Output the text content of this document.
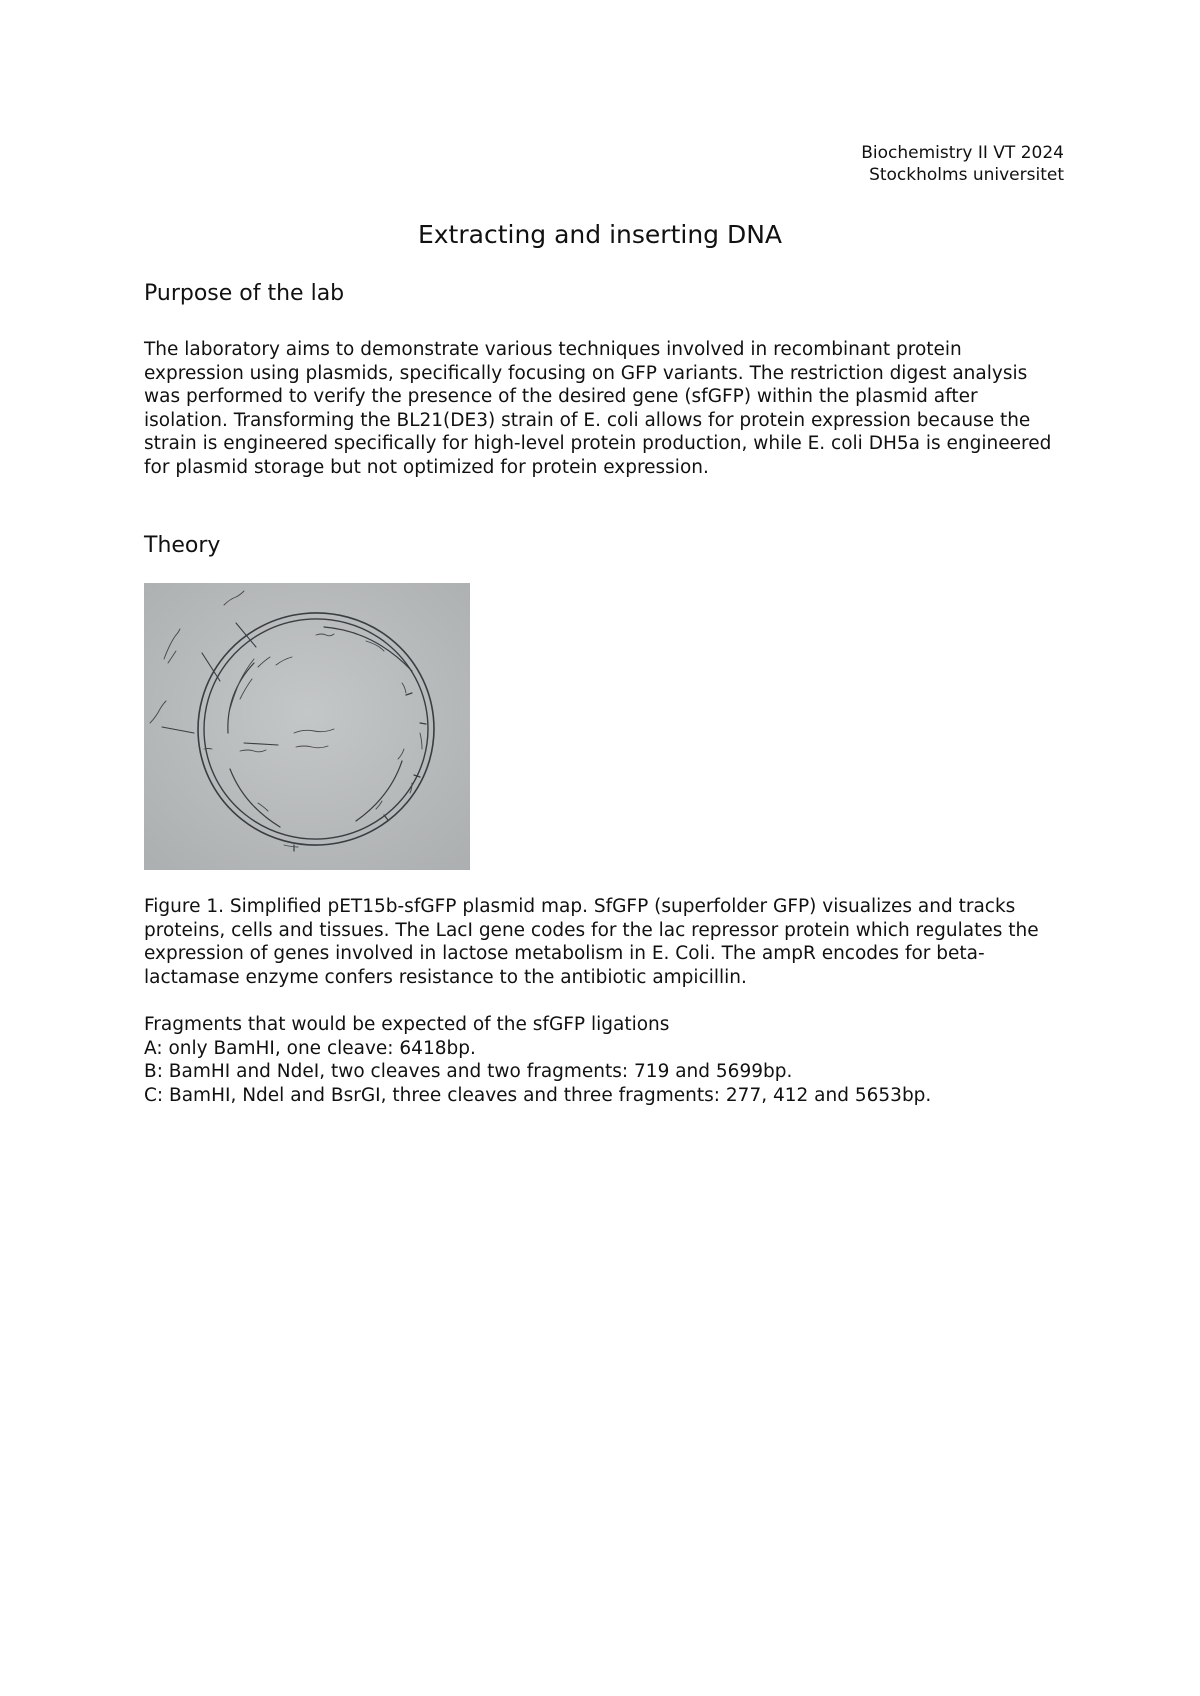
Biochemistry II VT 2024
Stockholms universitet
Extracting and inserting DNA
Purpose of the lab
The laboratory aims to demonstrate various techniques involved in recombinant protein expression using plasmids, specifically focusing on GFP variants. The restriction digest analysis was performed to verify the presence of the desired gene (sfGFP) within the plasmid after isolation. Transforming the BL21(DE3) strain of E. coli allows for protein expression because the strain is engineered specifically for high-level protein production, while E. coli DH5a is engineered for plasmid storage but not optimized for protein expression.
Theory
Figure 1. Simplified pET15b-sfGFP plasmid map. SfGFP (superfolder GFP) visualizes and tracks proteins, cells and tissues. The LacI gene codes for the lac repressor protein which regulates the expression of genes involved in lactose metabolism in E. Coli. The ampR encodes for beta-lactamase enzyme confers resistance to the antibiotic ampicillin.
Fragments that would be expected of the sfGFP ligations
A: only BamHI, one cleave: 6418bp.
B: BamHI and NdeI, two cleaves and two fragments: 719 and 5699bp.
C: BamHI, Ndel and BsrGI, three cleaves and three fragments: 277, 412 and 5653bp.
